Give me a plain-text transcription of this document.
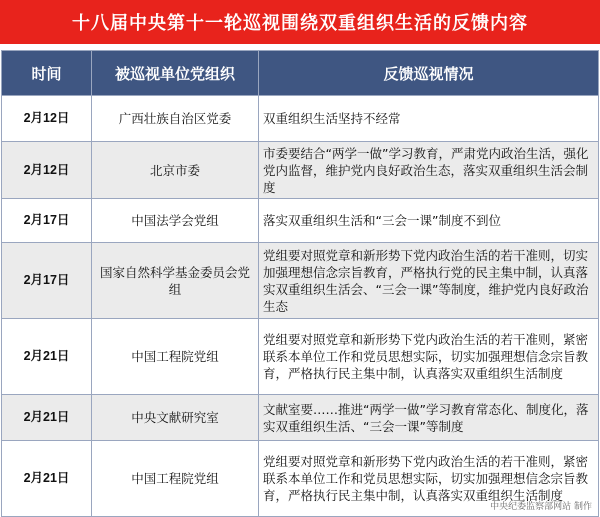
十八届中央第十一轮巡视围绕双重组织生活的反馈内容
时间	被巡视单位党组织	反馈巡视情况
2月12日	广西壮族自治区党委	双重组织生活坚持不经常
2月12日	北京市委	市委要结合“两学一做”学习教育，严肃党内政治生活，强化党内监督，维护党内良好政治生态，落实双重组织生活会制度
2月17日	中国法学会党组	落实双重组织生活和“三会一课”制度不到位
2月17日	国家自然科学基金委员会党组	党组要对照党章和新形势下党内政治生活的若干准则，切实加强理想信念宗旨教育，严格执行党的民主集中制，认真落实双重组织生活会、“三会一课”等制度，维护党内良好政治生态
2月21日	中国工程院党组	党组要对照党章和新形势下党内政治生活的若干准则，紧密联系本单位工作和党员思想实际，切实加强理想信念宗旨教育，严格执行民主集中制，认真落实双重组织生活制度
2月21日	中央文献研究室	文献室要……推进“两学一做”学习教育常态化、制度化，落实双重组织生活、“三会一课”等制度
2月21日	中国工程院党组	党组要对照党章和新形势下党内政治生活的若干准则，紧密联系本单位工作和党员思想实际，切实加强理想信念宗旨教育，严格执行民主集中制，认真落实双重组织生活制度
中央纪委监察部网站 制作
